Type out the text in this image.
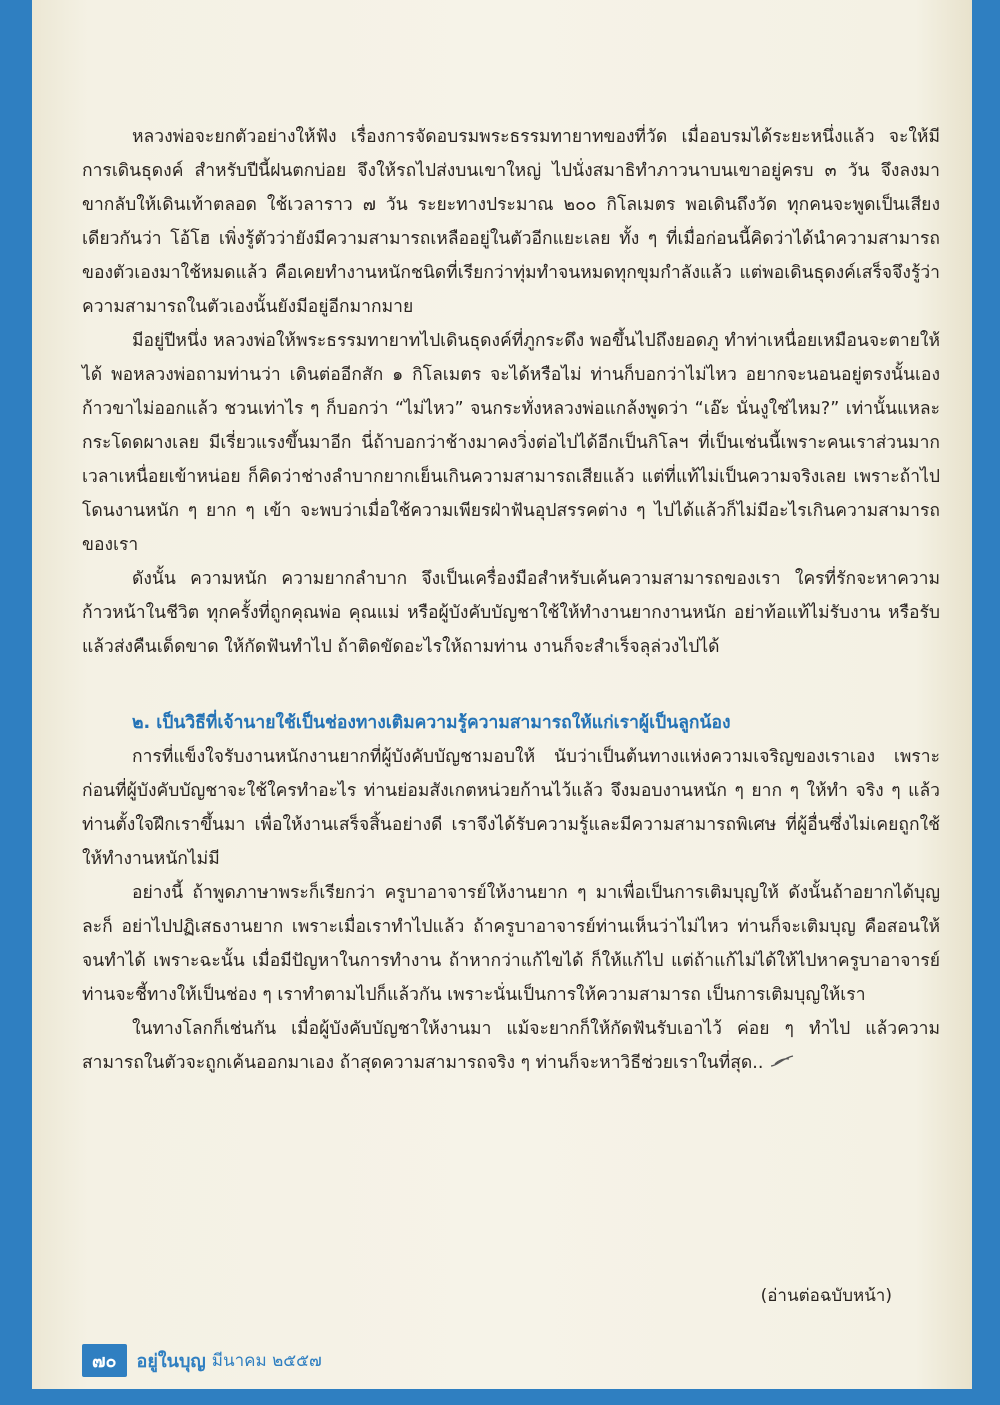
หลวงพ่อจะยกตัวอย่างให้ฟัง เรื่องการจัดอบรมพระธรรมทายาทของที่วัด เมื่ออบรมได้ระยะหนึ่งแล้ว จะให้มีการเดินธุดงค์ สำหรับปีนี้ฝนตกบ่อย จึงให้รถไปส่งบนเขาใหญ่ ไปนั่งสมาธิทำภาวนาบนเขาอยู่ครบ ๓ วัน จึงลงมา ขากลับให้เดินเท้าตลอด ใช้เวลาราว ๗ วัน ระยะทางประมาณ ๒๐๐ กิโลเมตร พอเดินถึงวัด ทุกคนจะพูดเป็นเสียงเดียวกันว่า โอ้โฮ เพิ่งรู้ตัวว่ายังมีความสามารถเหลืออยู่ในตัวอีกแยะเลย ทั้ง ๆ ที่เมื่อก่อนนี้คิดว่าได้นำความสามารถของตัวเองมาใช้หมดแล้ว คือเคยทำงานหนักชนิดที่เรียกว่าทุ่มทำจนหมดทุกขุมกำลังแล้ว แต่พอเดินธุดงค์เสร็จจึงรู้ว่าความสามารถในตัวเองนั้นยังมีอยู่อีกมากมาย

มีอยู่ปีหนึ่ง หลวงพ่อให้พระธรรมทายาทไปเดินธุดงค์ที่ภูกระดึง พอขึ้นไปถึงยอดภู ทำท่าเหนื่อยเหมือนจะตายให้ได้ พอหลวงพ่อถามท่านว่า เดินต่ออีกสัก ๑ กิโลเมตร จะได้หรือไม่ ท่านก็บอกว่าไม่ไหว อยากจะนอนอยู่ตรงนั้นเอง ก้าวขาไม่ออกแล้ว ชวนเท่าไร ๆ ก็บอกว่า “ไม่ไหว” จนกระทั่งหลวงพ่อแกล้งพูดว่า “เอ๊ะ นั่นงูใช่ไหม?” เท่านั้นแหละกระโดดผางเลย มีเรี่ยวแรงขึ้นมาอีก นี่ถ้าบอกว่าช้างมาคงวิ่งต่อไปได้อีกเป็นกิโลฯ ที่เป็นเช่นนี้เพราะคนเราส่วนมากเวลาเหนื่อยเข้าหน่อย ก็คิดว่าช่างลำบากยากเย็นเกินความสามารถเสียแล้ว แต่ที่แท้ไม่เป็นความจริงเลย เพราะถ้าไปโดนงานหนัก ๆ ยาก ๆ เข้า จะพบว่าเมื่อใช้ความเพียรฝ่าฟันอุปสรรคต่าง ๆ ไปได้แล้วก็ไม่มีอะไรเกินความสามารถของเรา

ดังนั้น ความหนัก ความยากลำบาก จึงเป็นเครื่องมือสำหรับเค้นความสามารถของเรา ใครที่รักจะหาความก้าวหน้าในชีวิต ทุกครั้งที่ถูกคุณพ่อ คุณแม่ หรือผู้บังคับบัญชาใช้ให้ทำงานยากงานหนัก อย่าท้อแท้ไม่รับงาน หรือรับแล้วส่งคืนเด็ดขาด ให้กัดฟันทำไป ถ้าติดขัดอะไรให้ถามท่าน งานก็จะสำเร็จลุล่วงไปได้

๒. เป็นวิธีที่เจ้านายใช้เป็นช่องทางเติมความรู้ความสามารถให้แก่เราผู้เป็นลูกน้อง

การที่แข็งใจรับงานหนักงานยากที่ผู้บังคับบัญชามอบให้ นับว่าเป็นต้นทางแห่งความเจริญของเราเอง เพราะก่อนที่ผู้บังคับบัญชาจะใช้ใครทำอะไร ท่านย่อมสังเกตหน่วยก้านไว้แล้ว จึงมอบงานหนัก ๆ ยาก ๆ ให้ทำ จริง ๆ แล้วท่านตั้งใจฝึกเราขึ้นมา เพื่อให้งานเสร็จสิ้นอย่างดี เราจึงได้รับความรู้และมีความสามารถพิเศษ ที่ผู้อื่นซึ่งไม่เคยถูกใช้ให้ทำงานหนักไม่มี

อย่างนี้ ถ้าพูดภาษาพระก็เรียกว่า ครูบาอาจารย์ให้งานยาก ๆ มาเพื่อเป็นการเติมบุญให้ ดังนั้นถ้าอยากได้บุญละก็ อย่าไปปฏิเสธงานยาก เพราะเมื่อเราทำไปแล้ว ถ้าครูบาอาจารย์ท่านเห็นว่าไม่ไหว ท่านก็จะเติมบุญ คือสอนให้จนทำได้ เพราะฉะนั้น เมื่อมีปัญหาในการทำงาน ถ้าหากว่าแก้ไขได้ ก็ให้แก้ไป แต่ถ้าแก้ไม่ได้ให้ไปหาครูบาอาจารย์ ท่านจะชี้ทางให้เป็นช่อง ๆ เราทำตามไปก็แล้วกัน เพราะนั่นเป็นการให้ความสามารถ เป็นการเติมบุญให้เรา

ในทางโลกก็เช่นกัน เมื่อผู้บังคับบัญชาให้งานมา แม้จะยากก็ให้กัดฟันรับเอาไว้ ค่อย ๆ ทำไป แล้วความสามารถในตัวจะถูกเค้นออกมาเอง ถ้าสุดความสามารถจริง ๆ ท่านก็จะหาวิธีช่วยเราในที่สุด..

(อ่านต่อฉบับหน้า)
๗๐	อยู่ในบุญ มีนาคม ๒๕๕๗
